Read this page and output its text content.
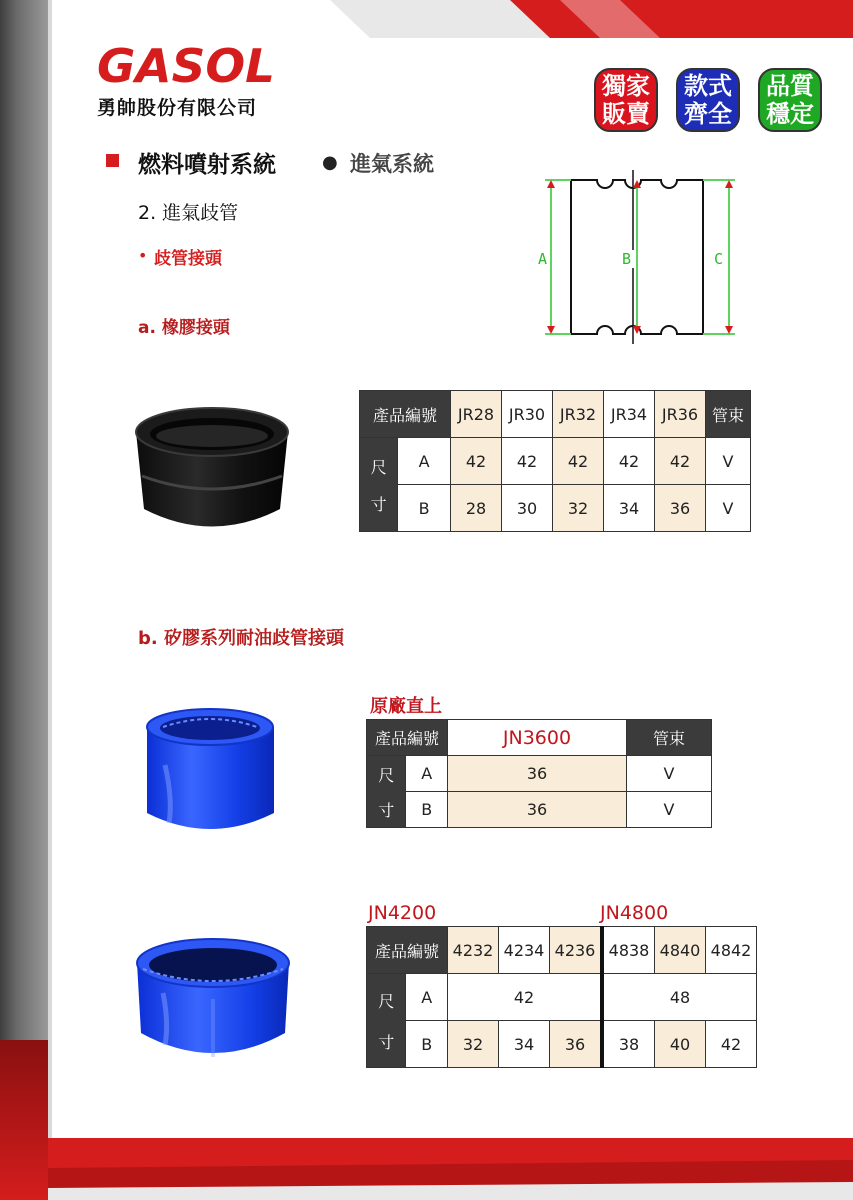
GASOL
勇帥股份有限公司
獨家
販賣
款式
齊全
品質
穩定
燃料噴射系統	● 進氣系統
2. 進氣歧管
• 歧管接頭	A	B	C
a. 橡膠接頭
產品編號		JR28	JR30	JR32	JR34	JR36	管束

尺
寸	A	42	42	42	42	42	V
	B	28	30	32	34	36	V
b. 矽膠系列耐油歧管接頭
原廠直上
產品編號		JN3600	管束

尺
寸	A	36	V
	B	36	V
JN4200	JN4800
產品編號		4232	4234	4236	4838	4840	4842

尺
寸	A	42			48		
	B	32	34	36	38	40	42
